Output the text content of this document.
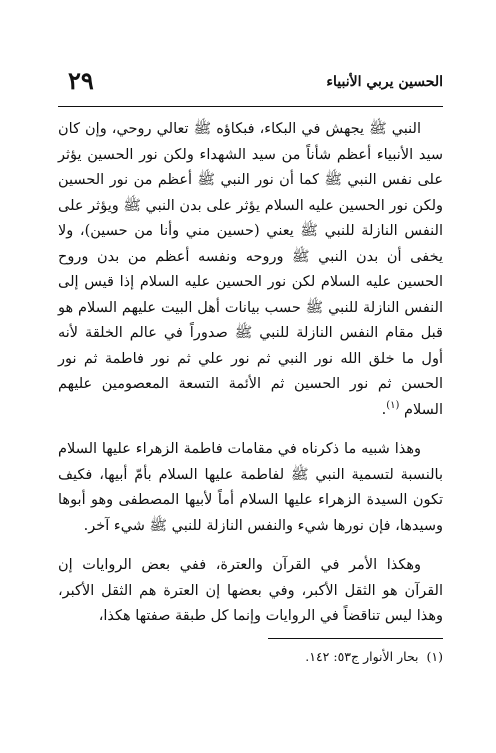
الحسين يربي الأنبياء
٢٩

النبي ﷺ يجهش في البكاء، فبكاؤه ﷺ تعالي روحي، وإن كان سيد الأنبياء أعظم شأناً من سيد الشهداء ولكن نور الحسين يؤثر على نفس النبي ﷺ كما أن نور النبي ﷺ أعظم من نور الحسين ولكن نور الحسين عليه السلام يؤثر على بدن النبي ﷺ ويؤثر على النفس النازلة للنبي ﷺ يعني (حسين مني وأنا من حسين)، ولا يخفى أن بدن النبي ﷺ وروحه ونفسه أعظم من بدن وروح الحسين عليه السلام لكن نور الحسين عليه السلام إذا قيس إلى النفس النازلة للنبي ﷺ حسب بيانات أهل البيت عليهم السلام هو قبل مقام النفس النازلة للنبي ﷺ صدوراً في عالم الخلقة لأنه أول ما خلق الله نور النبي ثم نور علي ثم نور فاطمة ثم نور الحسن ثم نور الحسين ثم الأئمة التسعة المعصومين عليهم السلام $^{(١)}$.

وهذا شبيه ما ذكرناه في مقامات فاطمة الزهراء عليها السلام بالنسبة لتسمية النبي ﷺ لفاطمة عليها السلام بأمّ أبيها، فكيف تكون السيدة الزهراء عليها السلام أماً لأبيها المصطفى وهو أبوها وسيدها، فإن نورها شيء والنفس النازلة للنبي ﷺ شيء آخر.

وهكذا الأمر في القرآن والعترة، ففي بعض الروايات إن القرآن هو الثقل الأكبر، وفي بعضها إن العترة هم الثقل الأكبر، وهذا ليس تناقضاً في الروايات وإنما كل طبقة صفتها هكذا،

(١)بحار الأنوار ج٥٣: ١٤٢.
